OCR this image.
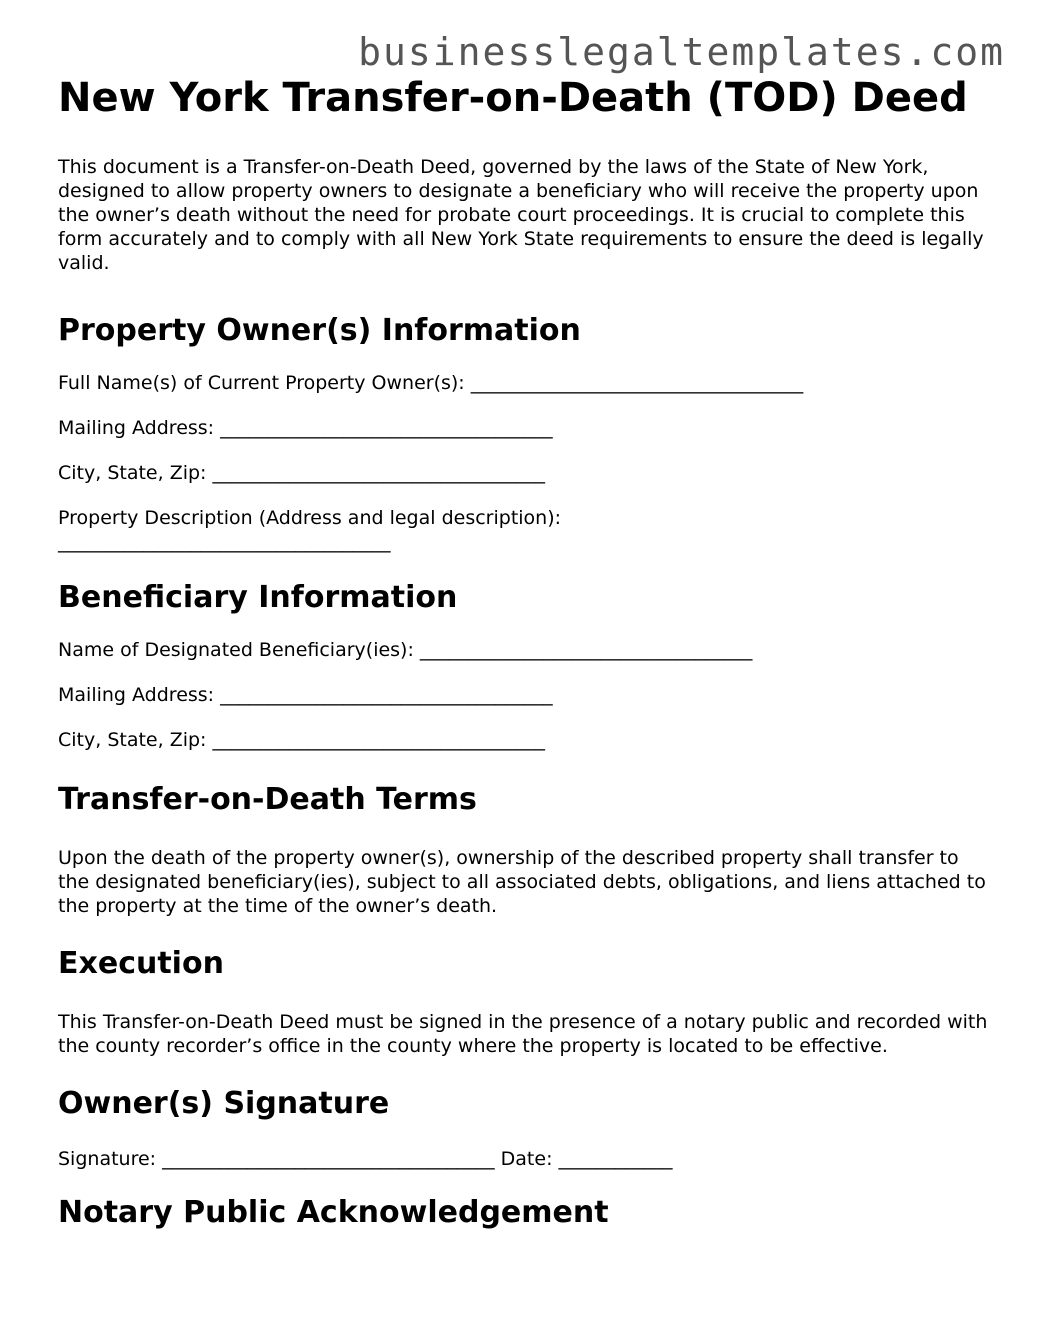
businesslegaltemplates.com
New York Transfer-on-Death (TOD) Deed

This document is a Transfer-on-Death Deed, governed by the laws of the State of New York, designed to allow property owners to designate a beneficiary who will receive the property upon the owner’s death without the need for probate court proceedings. It is crucial to complete this form accurately and to comply with all New York State requirements to ensure the deed is legally valid.

Property Owner(s) Information

Full Name(s) of Current Property Owner(s): ___________________________________

Mailing Address: ___________________________________

City, State, Zip: ___________________________________

Property Description (Address and legal description):
___________________________________

Beneficiary Information

Name of Designated Beneficiary(ies): ___________________________________

Mailing Address: ___________________________________

City, State, Zip: ___________________________________

Transfer-on-Death Terms

Upon the death of the property owner(s), ownership of the described property shall transfer to the designated beneficiary(ies), subject to all associated debts, obligations, and liens attached to the property at the time of the owner’s death.

Execution

This Transfer-on-Death Deed must be signed in the presence of a notary public and recorded with the county recorder’s office in the county where the property is located to be effective.

Owner(s) Signature

Signature: ___________________________________ Date: ____________

Notary Public Acknowledgement
